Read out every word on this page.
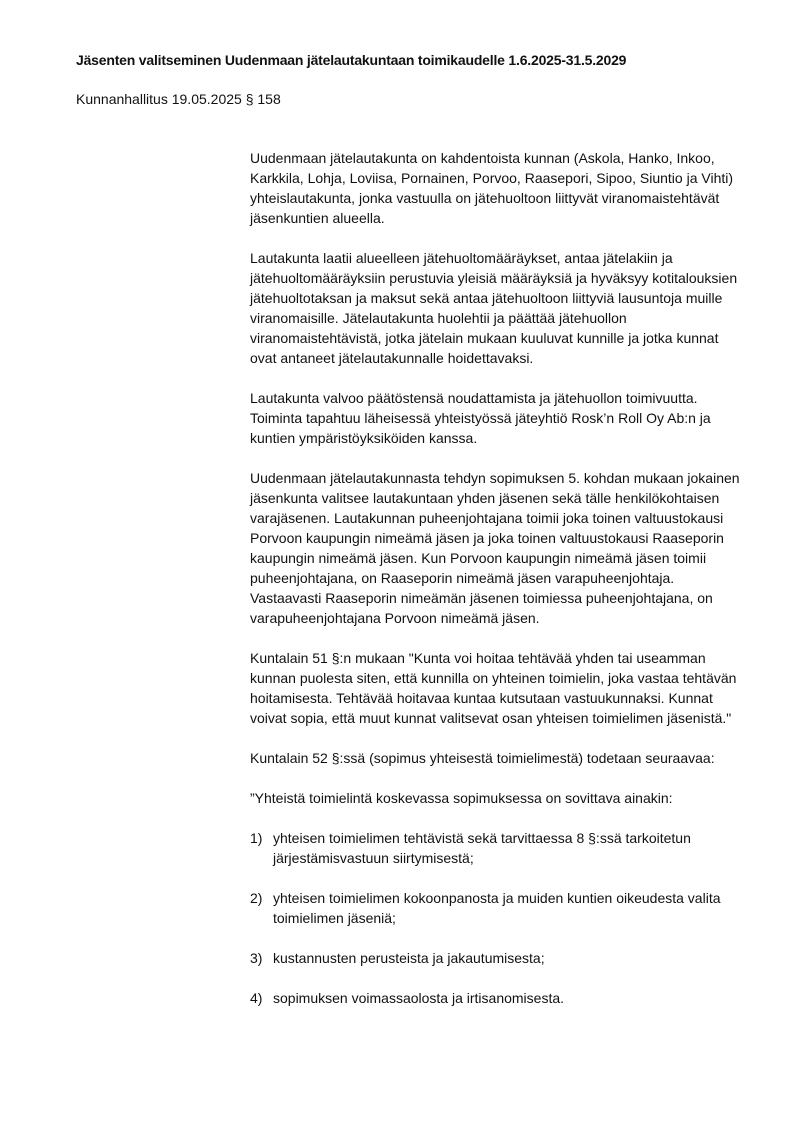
Jäsenten valitseminen Uudenmaan jätelautakuntaan toimikaudelle 1.6.2025-31.5.2029
Kunnanhallitus 19.05.2025 § 158

Uudenmaan jätelautakunta on kahdentoista kunnan (Askola, Hanko, Inkoo, Karkkila, Lohja, Loviisa, Pornainen, Porvoo, Raasepori, Sipoo, Siuntio ja Vihti) yhteislautakunta, jonka vastuulla on jätehuoltoon liittyvät viranomaistehtävät jäsenkuntien alueella.

Lautakunta laatii alueelleen jätehuoltomääräykset, antaa jätelakiin ja jätehuoltomääräyksiin perustuvia yleisiä määräyksiä ja hyväksyy kotitalouksien jätehuoltotaksan ja maksut sekä antaa jätehuoltoon liittyviä lausuntoja muille viranomaisille. Jätelautakunta huolehtii ja päättää jätehuollon viranomaistehtävistä, jotka jätelain mukaan kuuluvat kunnille ja jotka kunnat ovat antaneet jätelautakunnalle hoidettavaksi.

Lautakunta valvoo päätöstensä noudattamista ja jätehuollon toimivuutta. Toiminta tapahtuu läheisessä yhteistyössä jäteyhtiö Rosk’n Roll Oy Ab:n ja kuntien ympäristöyksiköiden kanssa.

Uudenmaan jätelautakunnasta tehdyn sopimuksen 5. kohdan mukaan jokainen jäsenkunta valitsee lautakuntaan yhden jäsenen sekä tälle henkilökohtaisen varajäsenen. Lautakunnan puheenjohtajana toimii joka toinen valtuustokausi Porvoon kaupungin nimeämä jäsen ja joka toinen valtuustokausi Raaseporin kaupungin nimeämä jäsen. Kun Porvoon kaupungin nimeämä jäsen toimii puheenjohtajana, on Raaseporin nimeämä jäsen varapuheenjohtaja. Vastaavasti Raaseporin nimeämän jäsenen toimiessa puheenjohtajana, on varapuheenjohtajana Porvoon nimeämä jäsen.

Kuntalain 51 §:n mukaan "Kunta voi hoitaa tehtävää yhden tai useamman kunnan puolesta siten, että kunnilla on yhteinen toimielin, joka vastaa tehtävän hoitamisesta. Tehtävää hoitavaa kuntaa kutsutaan vastuukunnaksi. Kunnat voivat sopia, että muut kunnat valitsevat osan yhteisen toimielimen jäsenistä."

Kuntalain 52 §:ssä (sopimus yhteisestä toimielimestä) todetaan seuraavaa:

”Yhteistä toimielintä koskevassa sopimuksessa on sovittava ainakin:

1) yhteisen toimielimen tehtävistä sekä tarvittaessa 8 §:ssä tarkoitetun järjestämisvastuun siirtymisestä;
2) yhteisen toimielimen kokoonpanosta ja muiden kuntien oikeudesta valita toimielimen jäseniä;
3) kustannusten perusteista ja jakautumisesta;
4) sopimuksen voimassaolosta ja irtisanomisesta.
